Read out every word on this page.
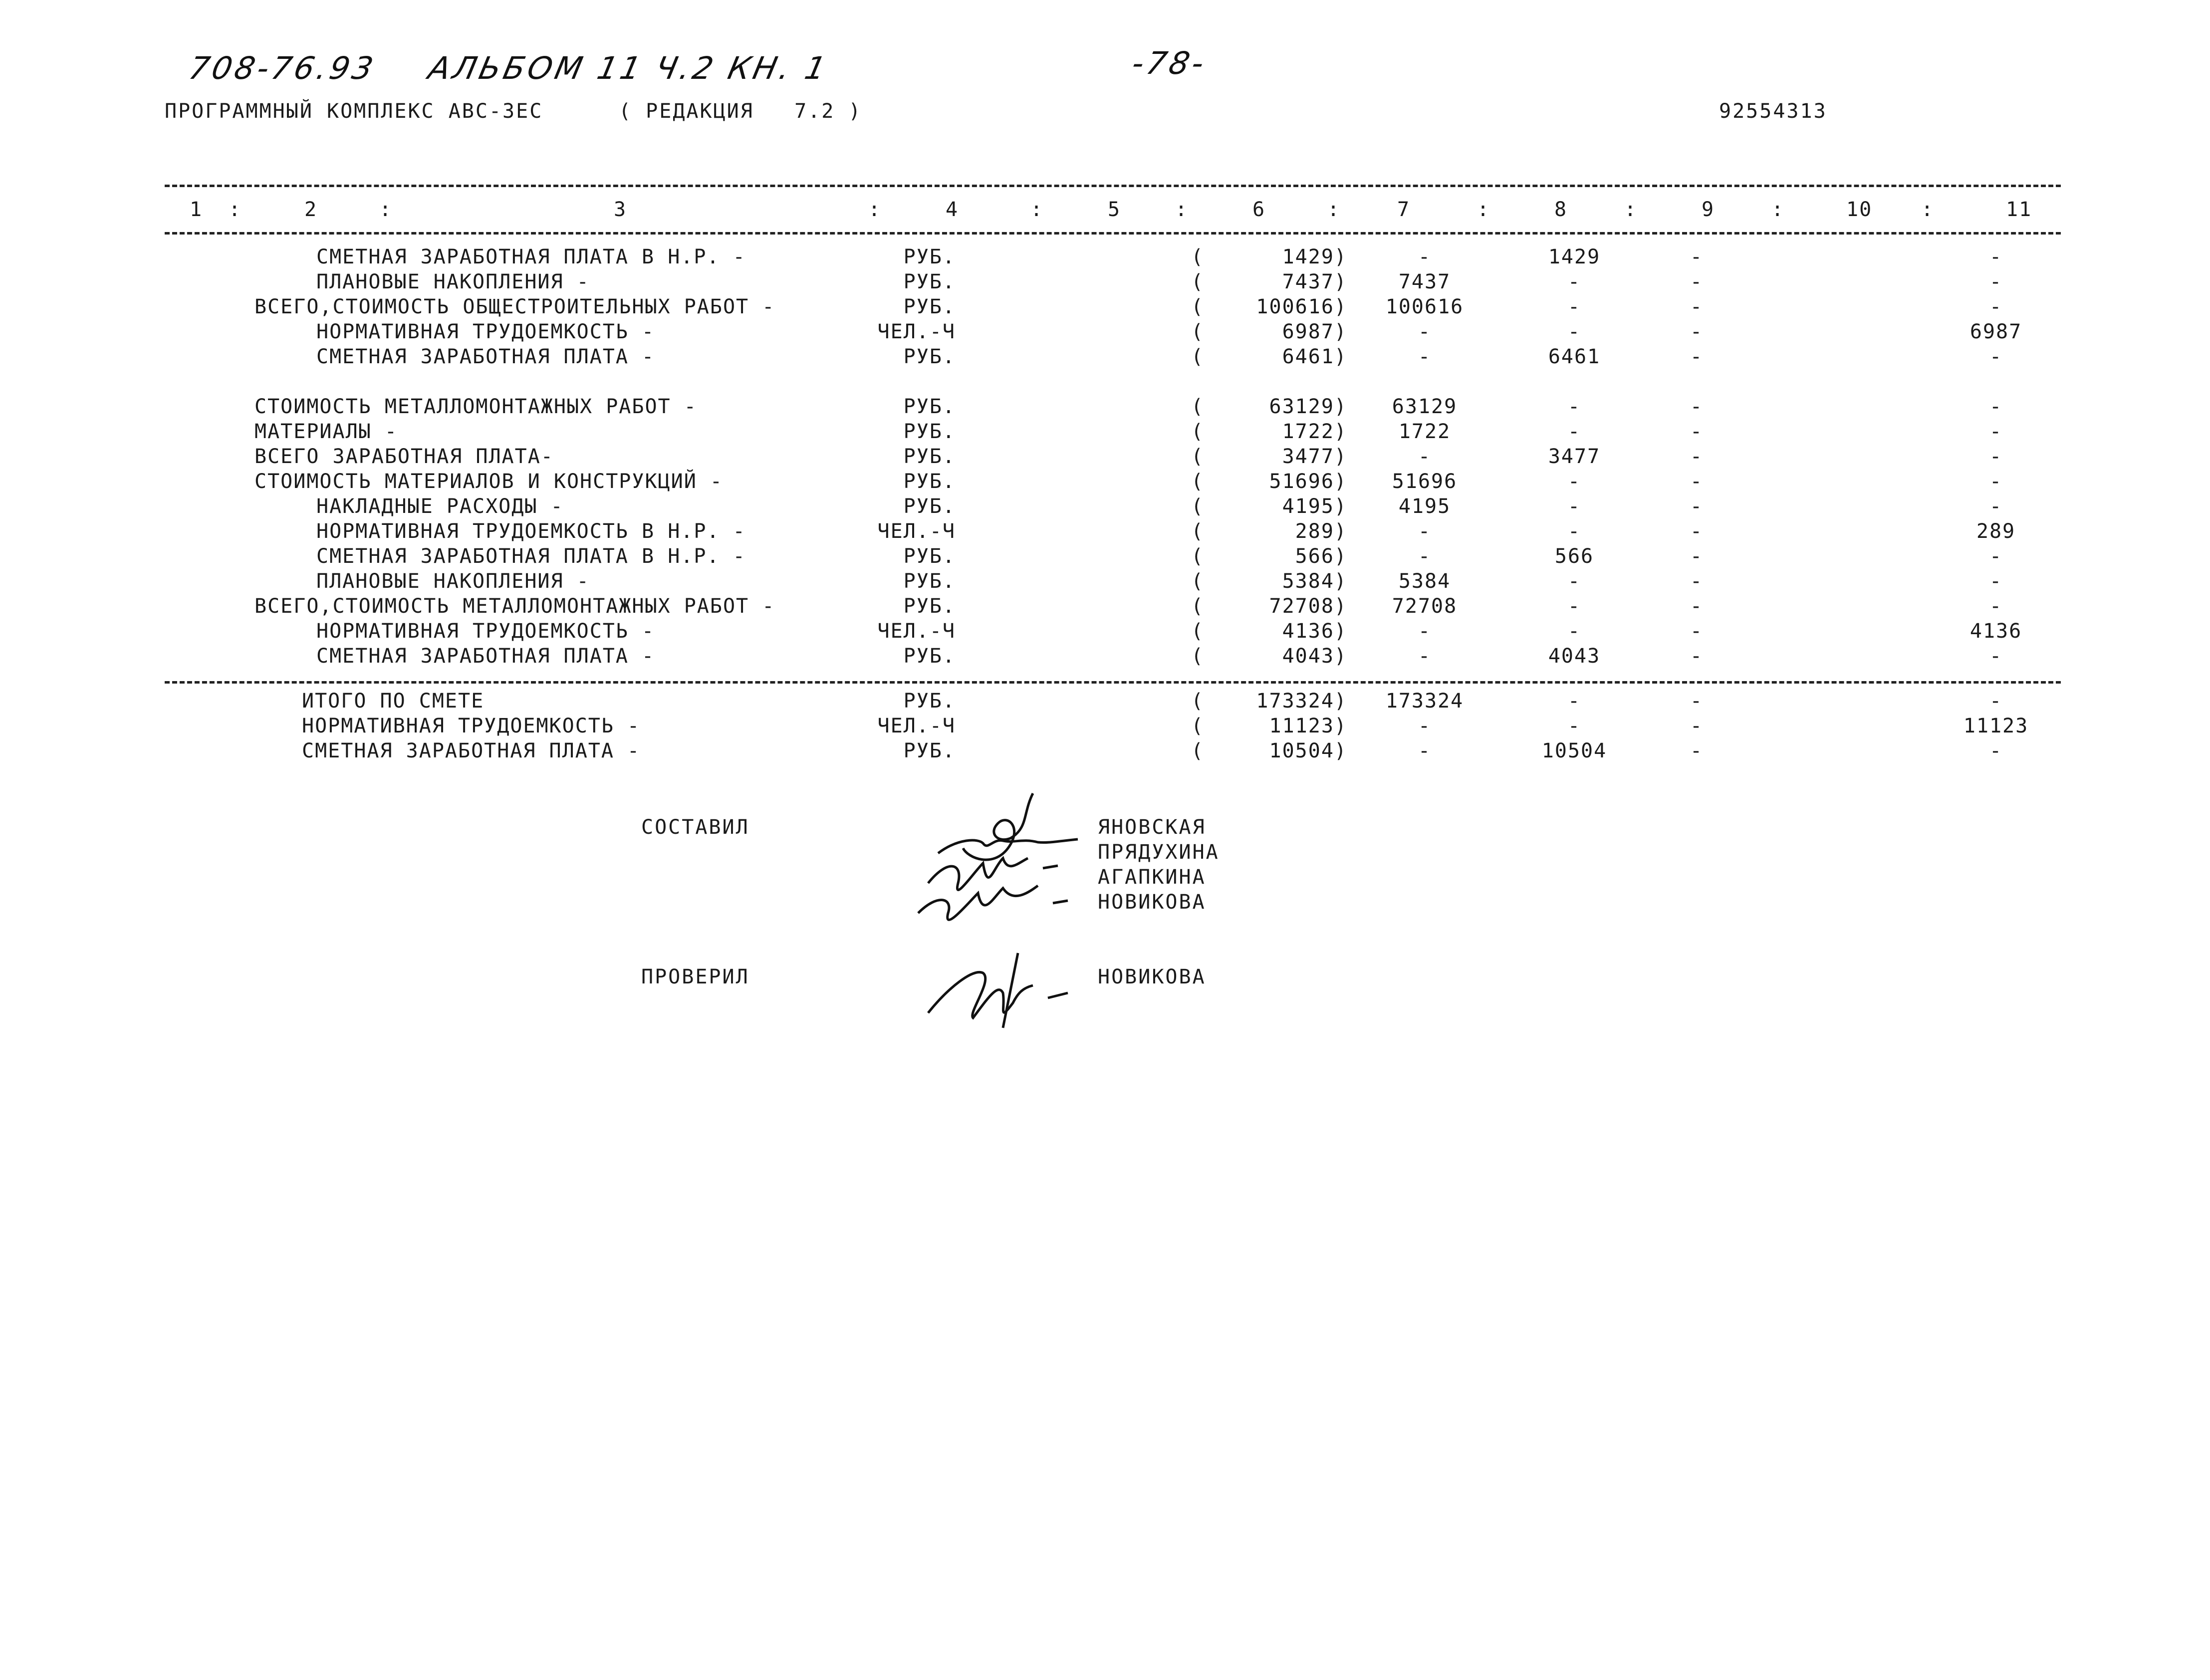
708-76.93 АЛЬБОМ 11 Ч.2 КН. 1	-78-
ПРОГРАММНЫЙ КОМПЛЕКС АВС-ЗЕС	( РЕДАКЦИЯ   7.2 )	92554313
1	2	3	4	5	6	7	8	9	10	11
:	:	:	:	:	:	:	:	:	:
СМЕТНАЯ ЗАРАБОТНАЯ ПЛАТА В Н.Р. -	РУБ.	(      1429)	-	1429	-	-
ПЛАНОВЫЕ НАКОПЛЕНИЯ -	РУБ.	(      7437)	7437	-	-	-
ВСЕГО,СТОИМОСТЬ ОБЩЕСТРОИТЕЛЬНЫХ РАБОТ -	РУБ.	(    100616)	100616	-	-	-
НОРМАТИВНАЯ ТРУДОЕМКОСТЬ -	ЧЕЛ.-Ч	(      6987)	-	-	-	6987
СМЕТНАЯ ЗАРАБОТНАЯ ПЛАТА -	РУБ.	(      6461)	-	6461	-	-
СТОИМОСТЬ МЕТАЛЛОМОНТАЖНЫХ РАБОТ -	РУБ.	(     63129)	63129	-	-	-
МАТЕРИАЛЫ -	РУБ.	(      1722)	1722	-	-	-
ВСЕГО ЗАРАБОТНАЯ ПЛАТА-	РУБ.	(      3477)	-	3477	-	-
СТОИМОСТЬ МАТЕРИАЛОВ И КОНСТРУКЦИЙ -	РУБ.	(     51696)	51696	-	-	-
НАКЛАДНЫЕ РАСХОДЫ -	РУБ.	(      4195)	4195	-	-	-
НОРМАТИВНАЯ ТРУДОЕМКОСТЬ В Н.Р. -	ЧЕЛ.-Ч	(       289)	-	-	-	289
СМЕТНАЯ ЗАРАБОТНАЯ ПЛАТА В Н.Р. -	РУБ.	(       566)	-	566	-	-
ПЛАНОВЫЕ НАКОПЛЕНИЯ -	РУБ.	(      5384)	5384	-	-	-
ВСЕГО,СТОИМОСТЬ МЕТАЛЛОМОНТАЖНЫХ РАБОТ -	РУБ.	(     72708)	72708	-	-	-
НОРМАТИВНАЯ ТРУДОЕМКОСТЬ -	ЧЕЛ.-Ч	(      4136)	-	-	-	4136
СМЕТНАЯ ЗАРАБОТНАЯ ПЛАТА -	РУБ.	(      4043)	-	4043	-	-
ИТОГО ПО СМЕТЕ	РУБ.	(    173324)	173324	-	-	-
НОРМАТИВНАЯ ТРУДОЕМКОСТЬ -	ЧЕЛ.-Ч	(     11123)	-	-	-	11123
СМЕТНАЯ ЗАРАБОТНАЯ ПЛАТА -	РУБ.	(     10504)	-	10504	-	-
СОСТАВИЛ	ЯНОВСКАЯ
ПРЯДУХИНА
АГАПКИНА
НОВИКОВА
ПРОВЕРИЛ	НОВИКОВА
